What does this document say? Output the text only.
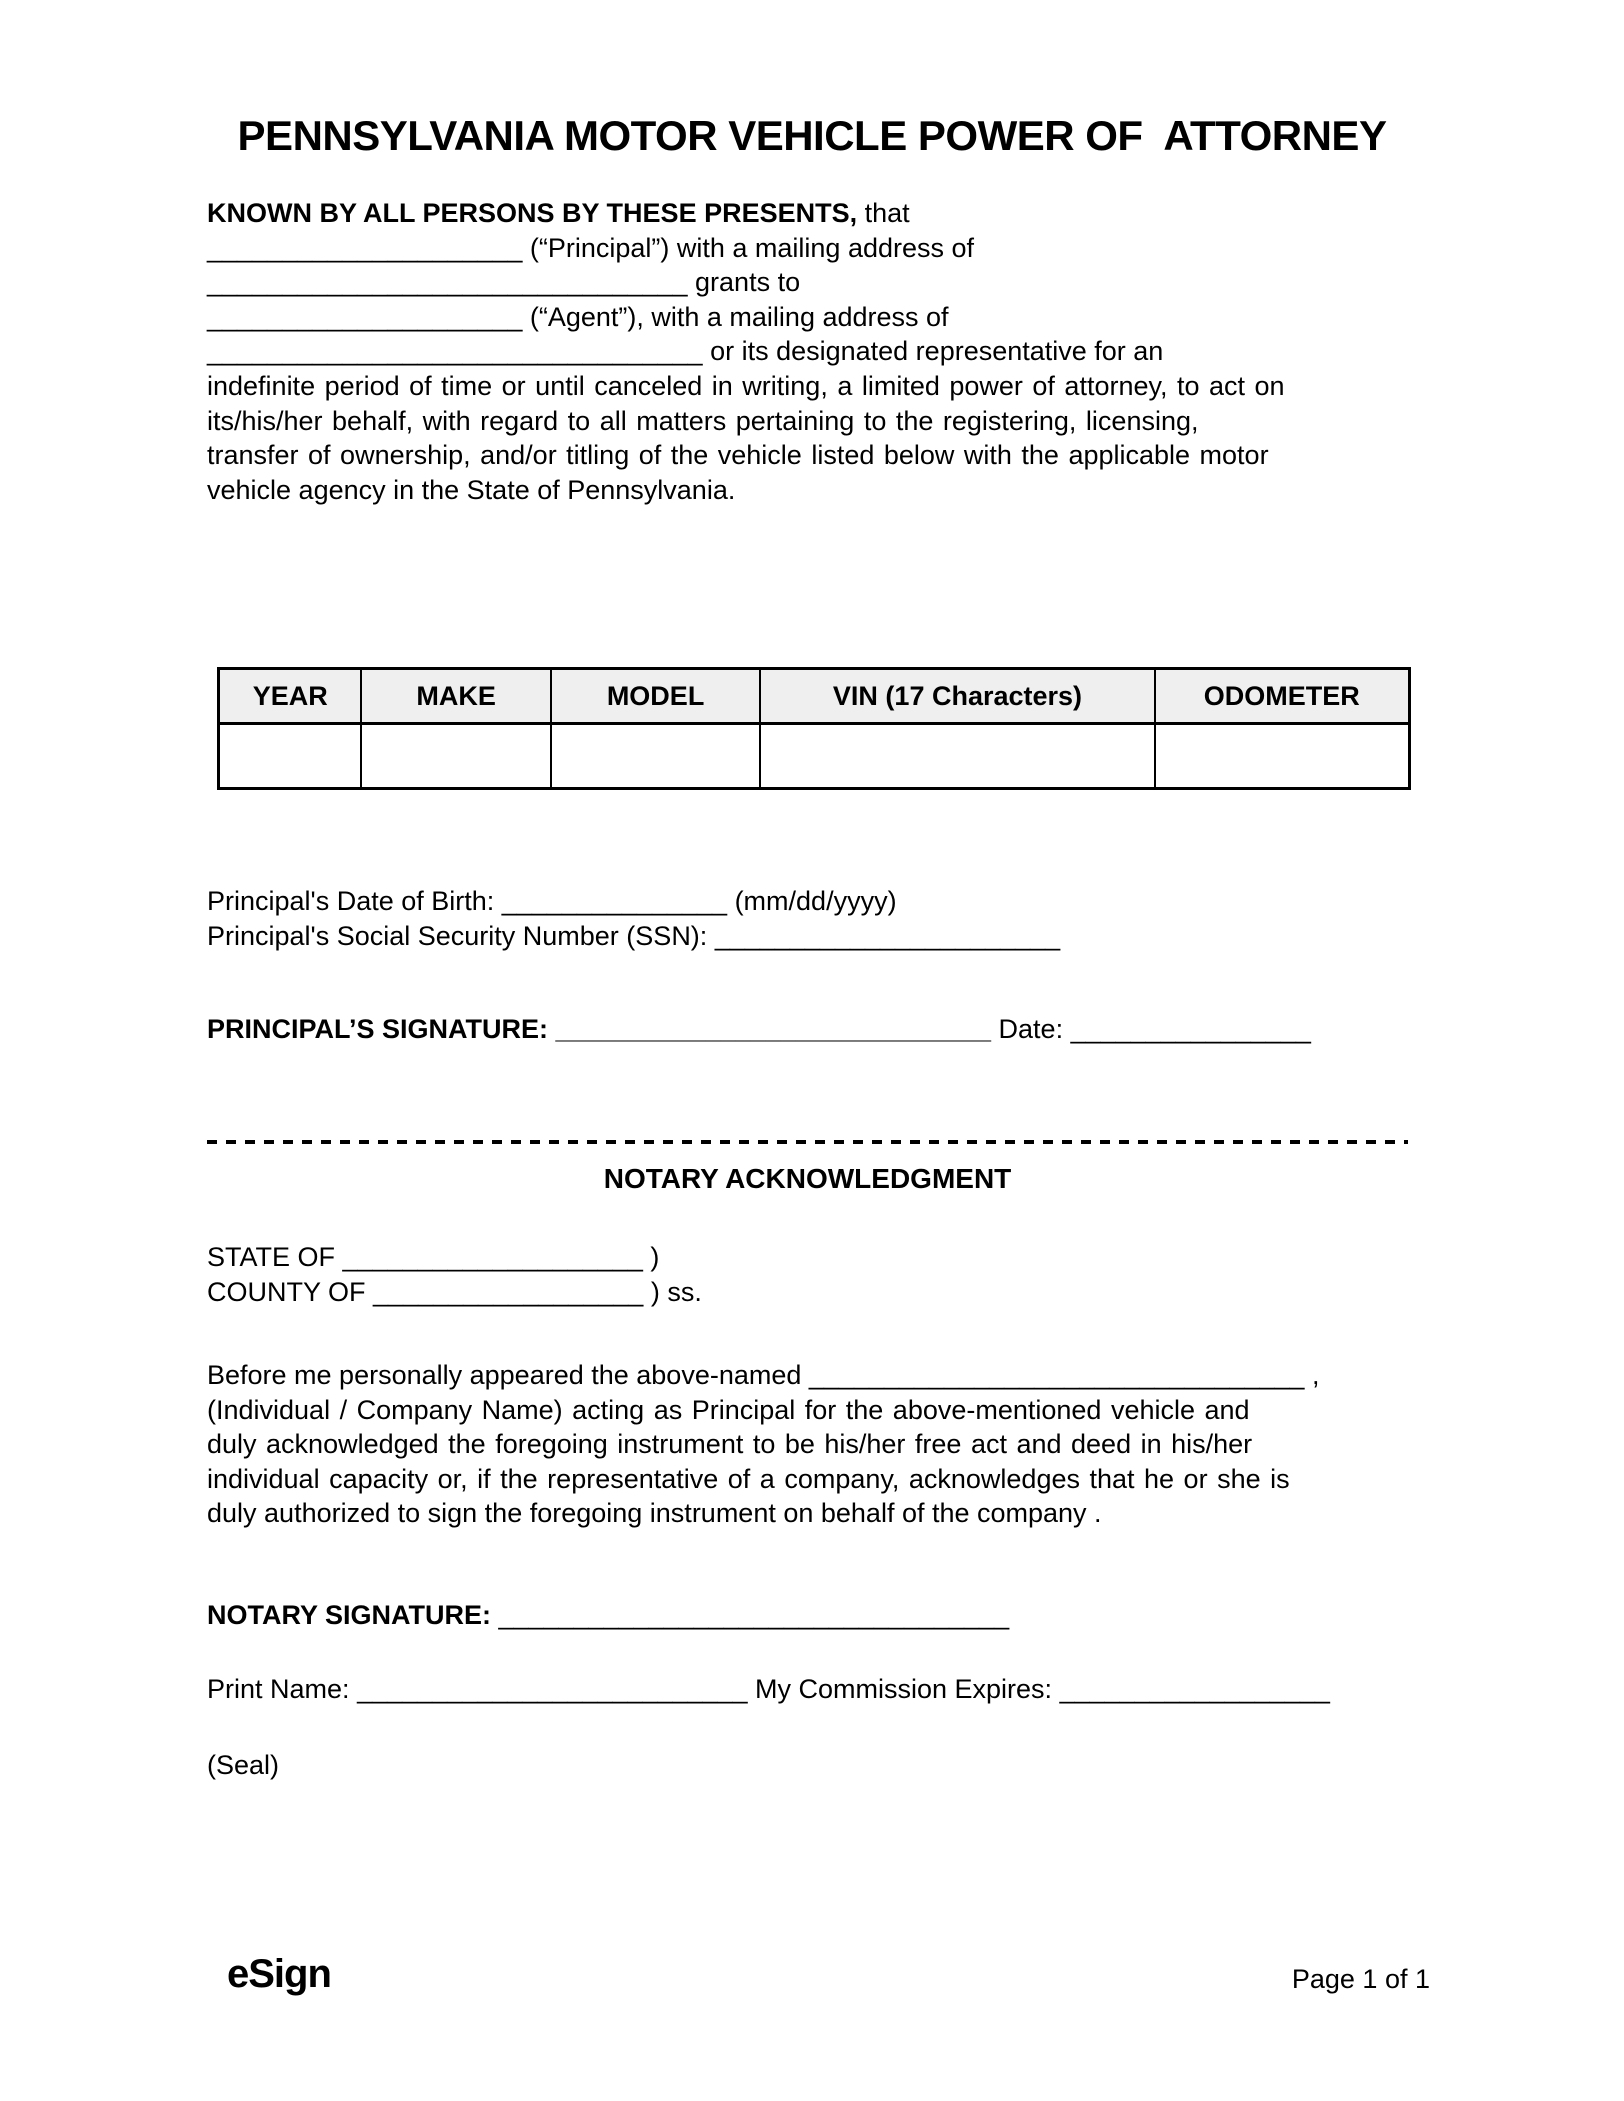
PENNSYLVANIA MOTOR VEHICLE POWER OF  ATTORNEY
KNOWN BY ALL PERSONS BY THESE PRESENTS, that
_____________________ (“Principal”) with a mailing address of
________________________________ grants to
_____________________ (“Agent”), with a mailing address of
_________________________________ or its designated representative for an
indefinite period of time or until canceled in writing, a limited power of attorney, to act on
its/his/her behalf, with regard to all matters pertaining to the registering, licensing,
transfer of ownership, and/or titling of the vehicle listed below with the applicable motor
vehicle agency in the State of Pennsylvania.
YEAR	MAKE	MODEL	VIN (17 Characters)	ODOMETER

Principal's Date of Birth: _______________ (mm/dd/yyyy)
Principal's Social Security Number (SSN): _______________________
PRINCIPAL’S SIGNATURE: _____________________________ Date: ________________
NOTARY ACKNOWLEDGMENT
STATE OF ____________________ )
COUNTY OF __________________ ) ss.
Before me personally appeared the above-named _________________________________ ,
(Individual / Company Name) acting as Principal for the above-mentioned vehicle and
duly acknowledged the foregoing instrument to be his/her free act and deed in his/her
individual capacity or, if the representative of a company, acknowledges that he or she is
duly authorized to sign the foregoing instrument on behalf of the company .
NOTARY SIGNATURE: __________________________________
Print Name: __________________________ My Commission Expires: __________________
(Seal)
eSign	Page 1 of 1
